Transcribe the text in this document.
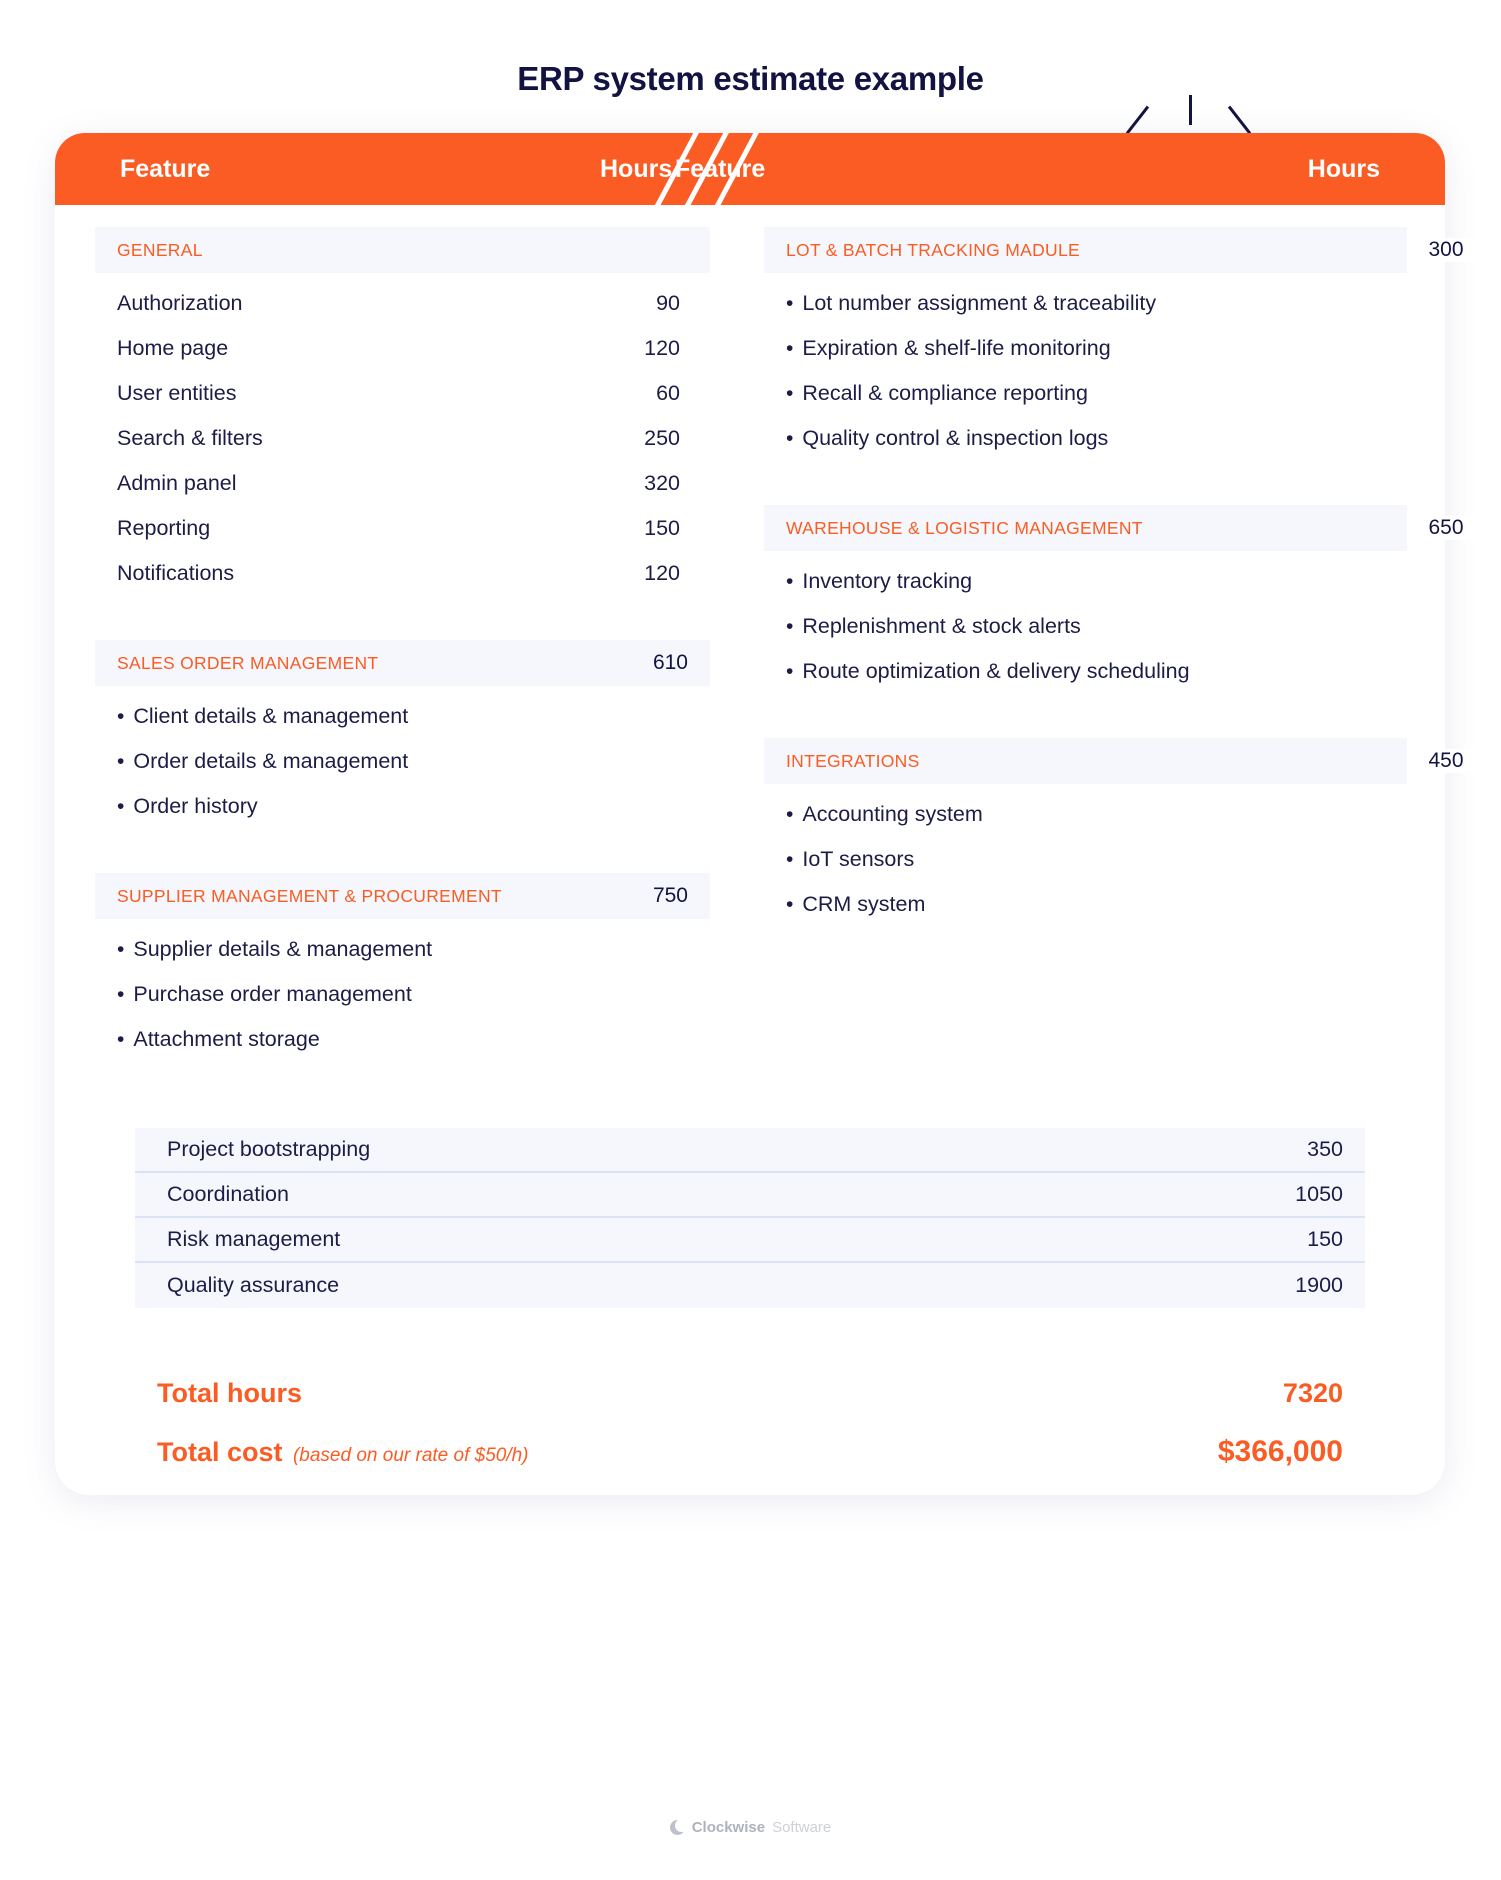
ERP system estimate example
Feature	Hours Feature	Hours
GENERAL
Authorization	90
Home page	120
User entities	60
Search & filters	250
Admin panel	320
Reporting	150
Notifications	120
SALES ORDER MANAGEMENT	610
• Client details & management
• Order details & management
• Order history
SUPPLIER MANAGEMENT & PROCUREMENT	750
• Supplier details & management
• Purchase order management
• Attachment storage
LOT & BATCH TRACKING MADULE	300
• Lot number assignment & traceability
• Expiration & shelf-life monitoring
• Recall & compliance reporting
• Quality control & inspection logs
WAREHOUSE & LOGISTIC MANAGEMENT	650
• Inventory tracking
• Replenishment & stock alerts
• Route optimization & delivery scheduling
INTEGRATIONS	450
• Accounting system
• IoT sensors
• CRM system
Project bootstrapping	350
Coordination	1050
Risk management	150
Quality assurance	1900
Total hours	7320
Total cost (based on our rate of $50/h)	$366,000
Clockwise Software
